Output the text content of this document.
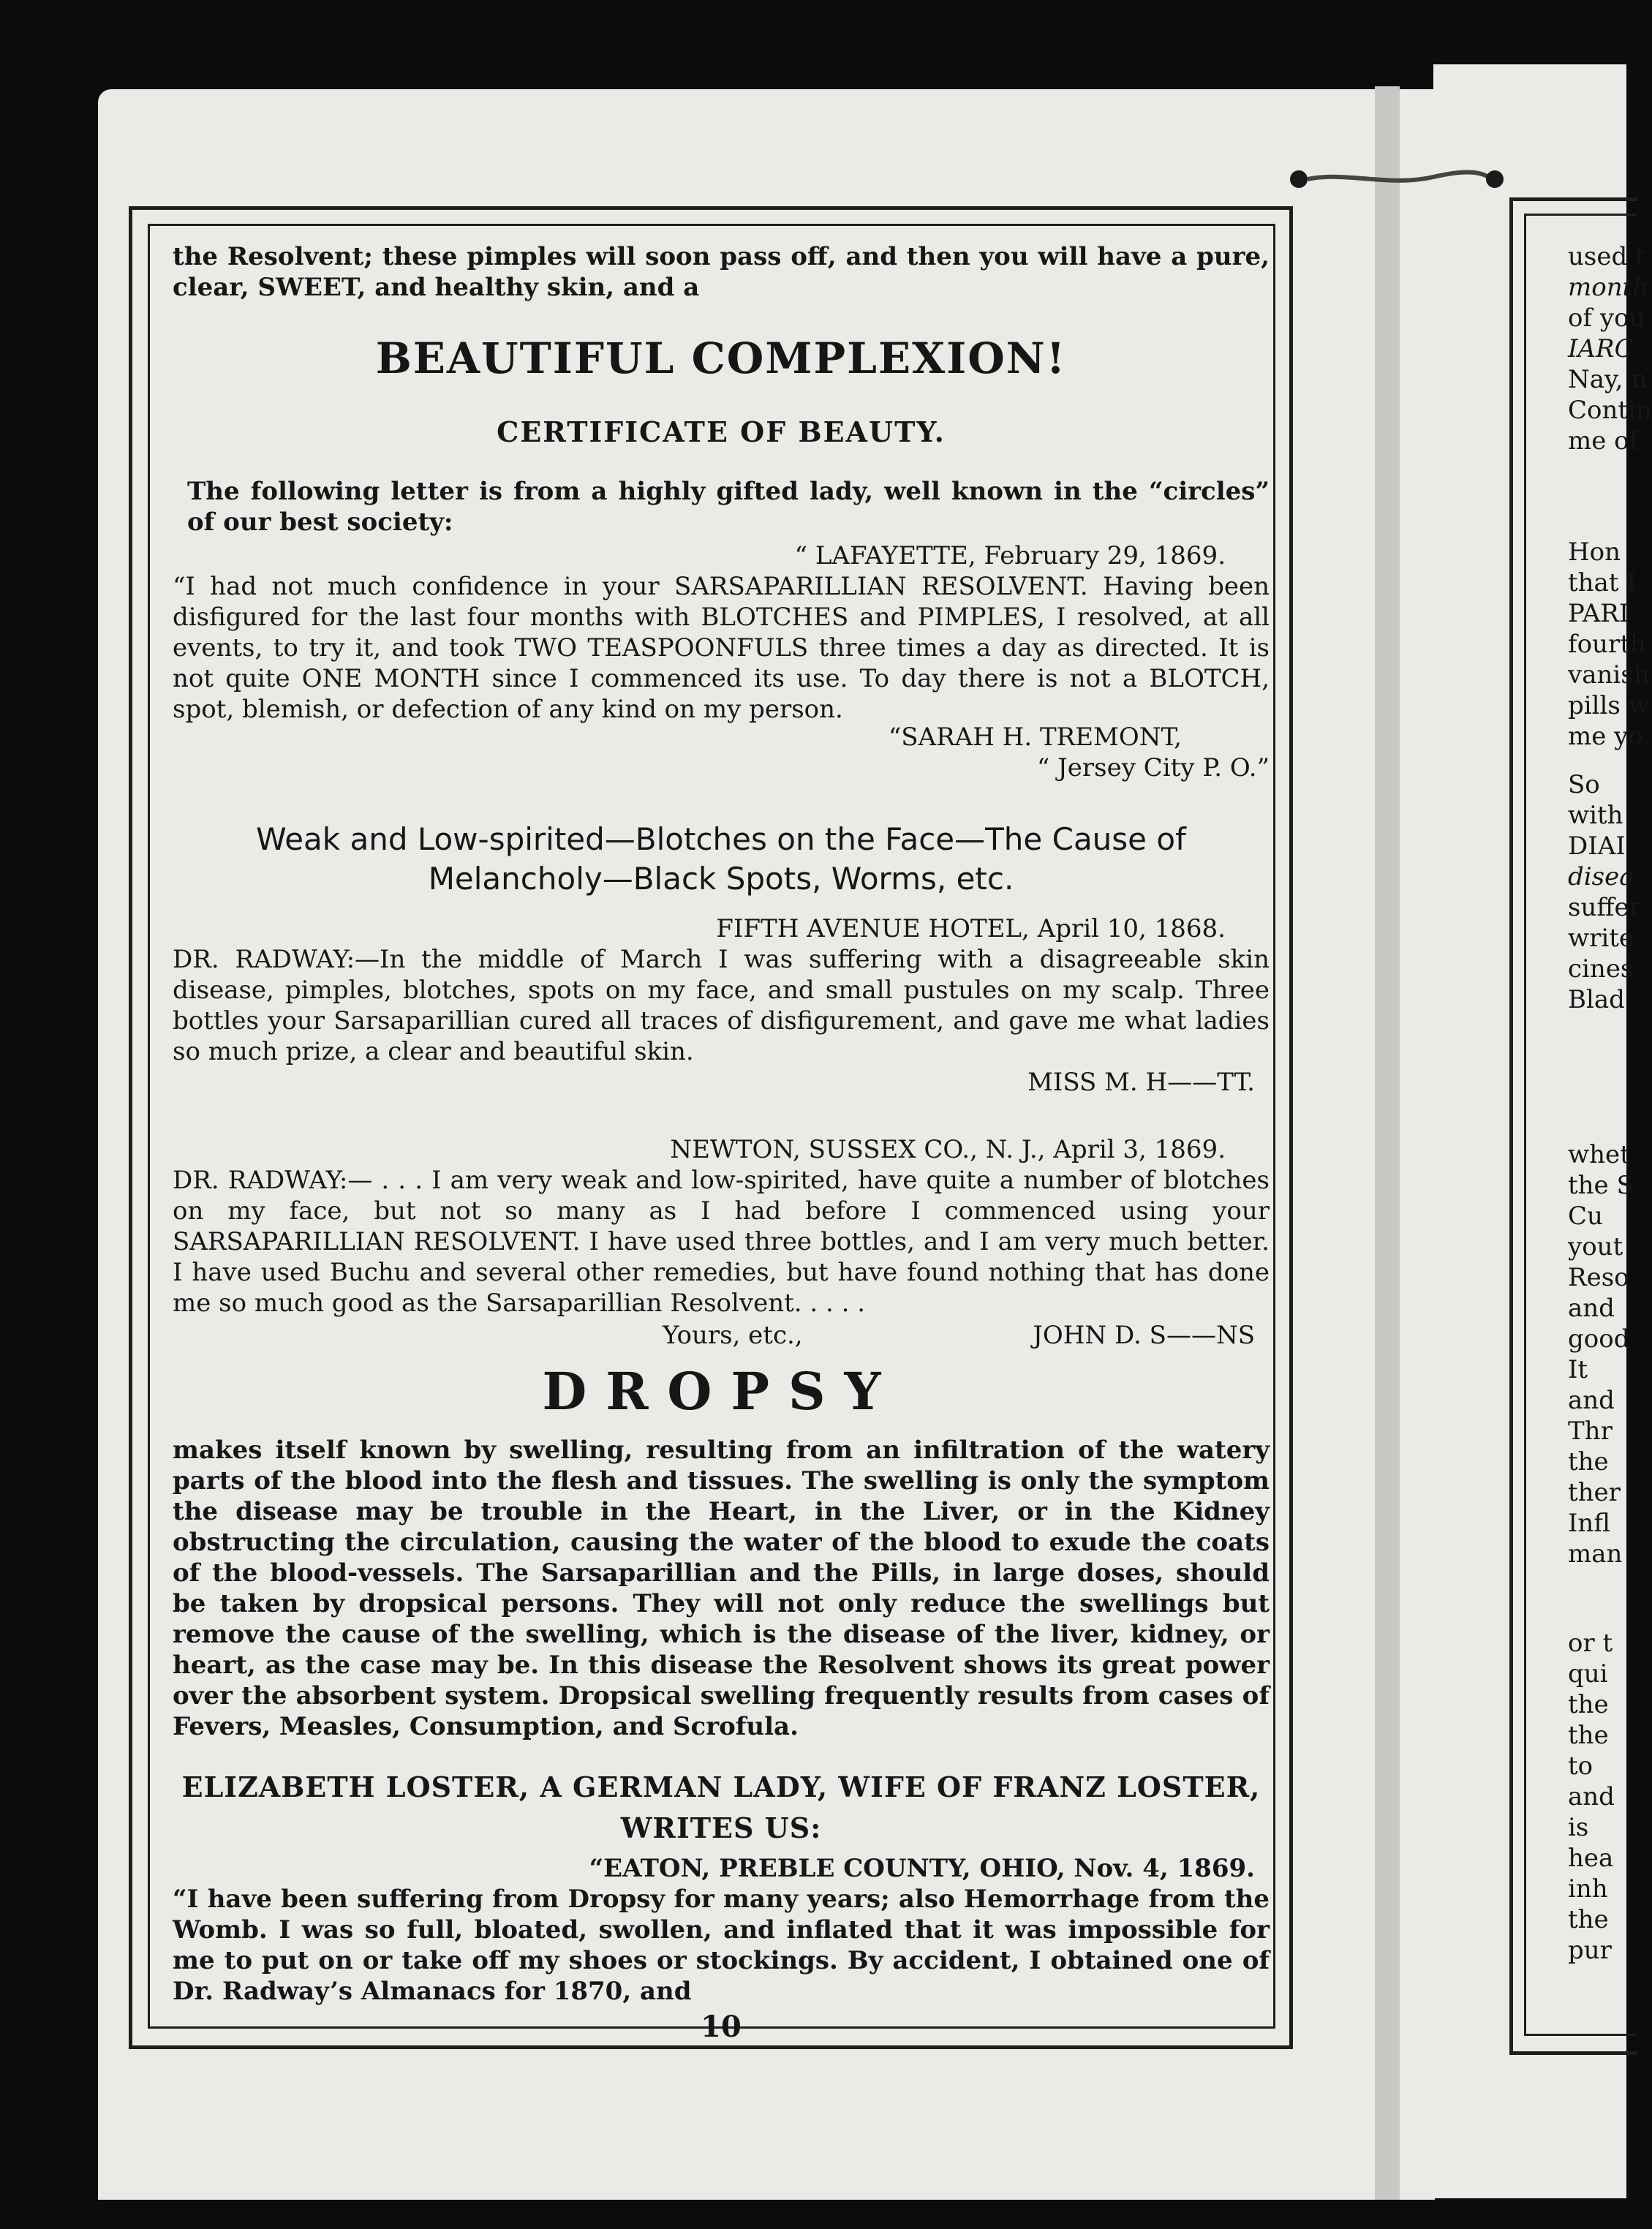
the Resolvent; these pimples will soon pass off, and then you will have a pure, clear, SWEET, and healthy skin, and a

BEAUTIFUL COMPLEXION!

CERTIFICATE OF BEAUTY.

The following letter is from a highly gifted lady, well known in the “circles” of our best society:

“ LAFAYETTE, February 29, 1869.

“I had not much confidence in your SARSAPARILLIAN RESOLVENT. Having been disfigured for the last four months with BLOTCHES and PIMPLES, I resolved, at all events, to try it, and took TWO TEASPOONFULS three times a day as directed. It is not quite ONE MONTH since I commenced its use. To day there is not a BLOTCH, spot, blemish, or defection of any kind on my person.

“SARAH H. TREMONT,

“ Jersey City P. O.”

Weak and Low-spirited—Blotches on the Face—The Cause of

Melancholy—Black Spots, Worms, etc.

FIFTH AVENUE HOTEL, April 10, 1868.

DR. RADWAY:—In the middle of March I was suffering with a disagreeable skin disease, pimples, blotches, spots on my face, and small pustules on my scalp. Three bottles your Sarsaparillian cured all traces of disfigurement, and gave me what ladies so much prize, a clear and beautiful skin.

MISS M. H——TT.

NEWTON, SUSSEX CO., N. J., April 3, 1869.

DR. RADWAY:— . . . I am very weak and low-spirited, have quite a number of blotches on my face, but not so many as I had before I commenced using your SARSAPARILLIAN RESOLVENT. I have used three bottles, and I am very much better. I have used Buchu and several other remedies, but have found nothing that has done me so much good as the Sarsaparillian Resolvent. . . . .

Yours, etc.,	JOHN D. S——NS

DROPSY

makes itself known by swelling, resulting from an infiltration of the watery parts of the blood into the flesh and tissues. The swelling is only the symptom the disease may be trouble in the Heart, in the Liver, or in the Kidney obstructing the circulation, causing the water of the blood to exude the coats of the blood-vessels. The Sarsaparillian and the Pills, in large doses, should be taken by dropsical persons. They will not only reduce the swellings but remove the cause of the swelling, which is the disease of the liver, kidney, or heart, as the case may be. In this disease the Resolvent shows its great power over the absorbent system. Dropsical swelling frequently results from cases of Fevers, Measles, Consumption, and Scrofula.

ELIZABETH LOSTER, A GERMAN LADY, WIFE OF FRANZ LOSTER, WRITES US:

“EATON, PREBLE COUNTY, OHIO, Nov. 4, 1869.

“I have been suffering from Dropsy for many years; also Hemorrhage from the Womb. I was so full, bloated, swollen, and inflated that it was impossible for me to put on or take off my shoes or stockings. By accident, I obtained one of Dr. Radway’s Almanacs for 1870, and

10

used t
month
of you
IARC
Nay, n
Contin
me of
Hon
that I
PARI
fourth
vanish
pills w
me yo
So
with
DIAI
disea
suffer
write
cines
Blad
whet
the S
Cu
yout
Reso
and
good
It
and
Thr
the
ther
Infl
man
or t
qui
the
the
to
and
is
hea
inh
the
pur
